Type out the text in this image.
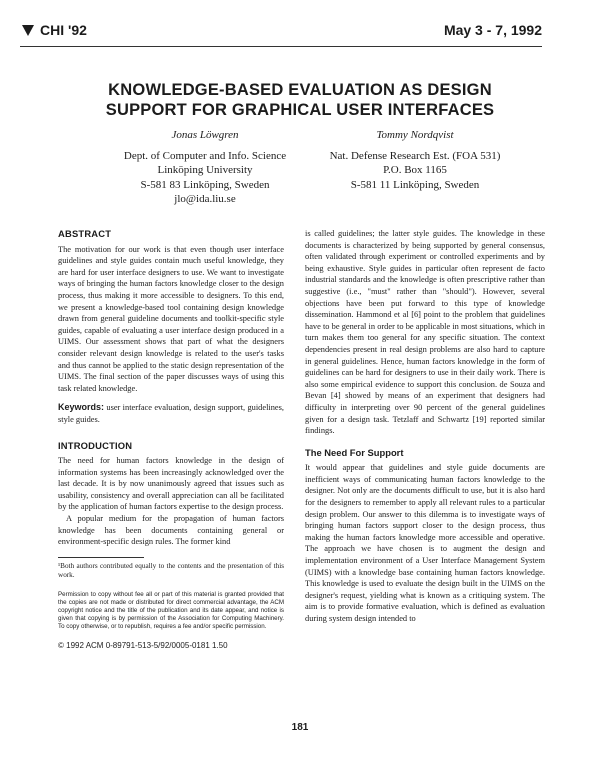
CHI '92	May 3 - 7, 1992
KNOWLEDGE-BASED EVALUATION AS DESIGN
SUPPORT FOR GRAPHICAL USER INTERFACES
Jonas Löwgren
Dept. of Computer and Info. Science
Linköping University
S-581 83 Linköping, Sweden
jlo@ida.liu.se
Tommy Nordqvist
Nat. Defense Research Est. (FOA 531)
P.O. Box 1165
S-581 11 Linköping, Sweden
ABSTRACT

The motivation for our work is that even though user interface guidelines and style guides contain much useful knowledge, they are hard for user interface designers to use. We want to investigate ways of bringing the human factors knowledge closer to the design process, thus making it more accessible to designers. To this end, we present a knowledge-based tool containing design knowledge drawn from general guideline documents and toolkit-specific style guides, capable of evaluating a user interface design produced in a UIMS. Our assessment shows that part of what the designers consider relevant design knowledge is related to the user's tasks and thus cannot be applied to the static design representation of the UIMS. The final section of the paper discusses ways of using this task related knowledge.

Keywords: user interface evaluation, design support, guidelines, style guides.

INTRODUCTION

The need for human factors knowledge in the design of information systems has been increasingly acknowledged over the last decade. It is by now unanimously agreed that issues such as usability, consistency and overall appreciation can all be facilitated by the application of human factors expertise to the design process.

A popular medium for the propagation of human factors knowledge has been documents containing general or environment-specific design rules. The former kind

¹Both authors contributed equally to the contents and the presentation of this work.

Permission to copy without fee all or part of this material is granted provided that the copies are not made or distributed for direct commercial advantage, the ACM copyright notice and the title of the publication and its date appear, and notice is given that copying is by permission of the Association for Computing Machinery. To copy otherwise, or to republish, requires a fee and/or specific permission.

© 1992 ACM 0-89791-513-5/92/0005-0181 1.50

is called guidelines; the latter style guides. The knowledge in these documents is characterized by being supported by general consensus, often validated through experiment or controlled experiments and by being exhaustive. Style guides in particular often represent de facto industrial standards and the knowledge is often prescriptive rather than suggestive (i.e., "must" rather than "should"). However, several objections have been put forward to this type of knowledge dissemination. Hammond et al [6] point to the problem that guidelines have to be general in order to be applicable in most situations, which in turn makes them too general for any specific situation. The context dependencies present in real design problems are also hard to capture in general guidelines. Hence, human factors knowledge in the form of guidelines can be hard for designers to use in their daily work. There is also some empirical evidence to support this conclusion. de Souza and Bevan [4] showed by means of an experiment that designers had difficulty in interpreting over 90 percent of the general guidelines given for a design task. Tetzlaff and Schwartz [19] reported similar findings.

The Need For Support

It would appear that guidelines and style guide documents are inefficient ways of communicating human factors knowledge to the designer. Not only are the documents difficult to use, but it is also hard for the designers to remember to apply all relevant rules to a particular design problem. Our answer to this dilemma is to investigate ways of bringing human factors support closer to the design process, thus making the human factors knowledge more accessible and operative. The approach we have chosen is to augment the design and implementation environment of a User Interface Management System (UIMS) with a knowledge base containing human factors knowledge. This knowledge is used to evaluate the design built in the UIMS on the designer's request, yielding what is known as a critiquing system. The aim is to provide formative evaluation, which is defined as evaluation during system design intended to

181
